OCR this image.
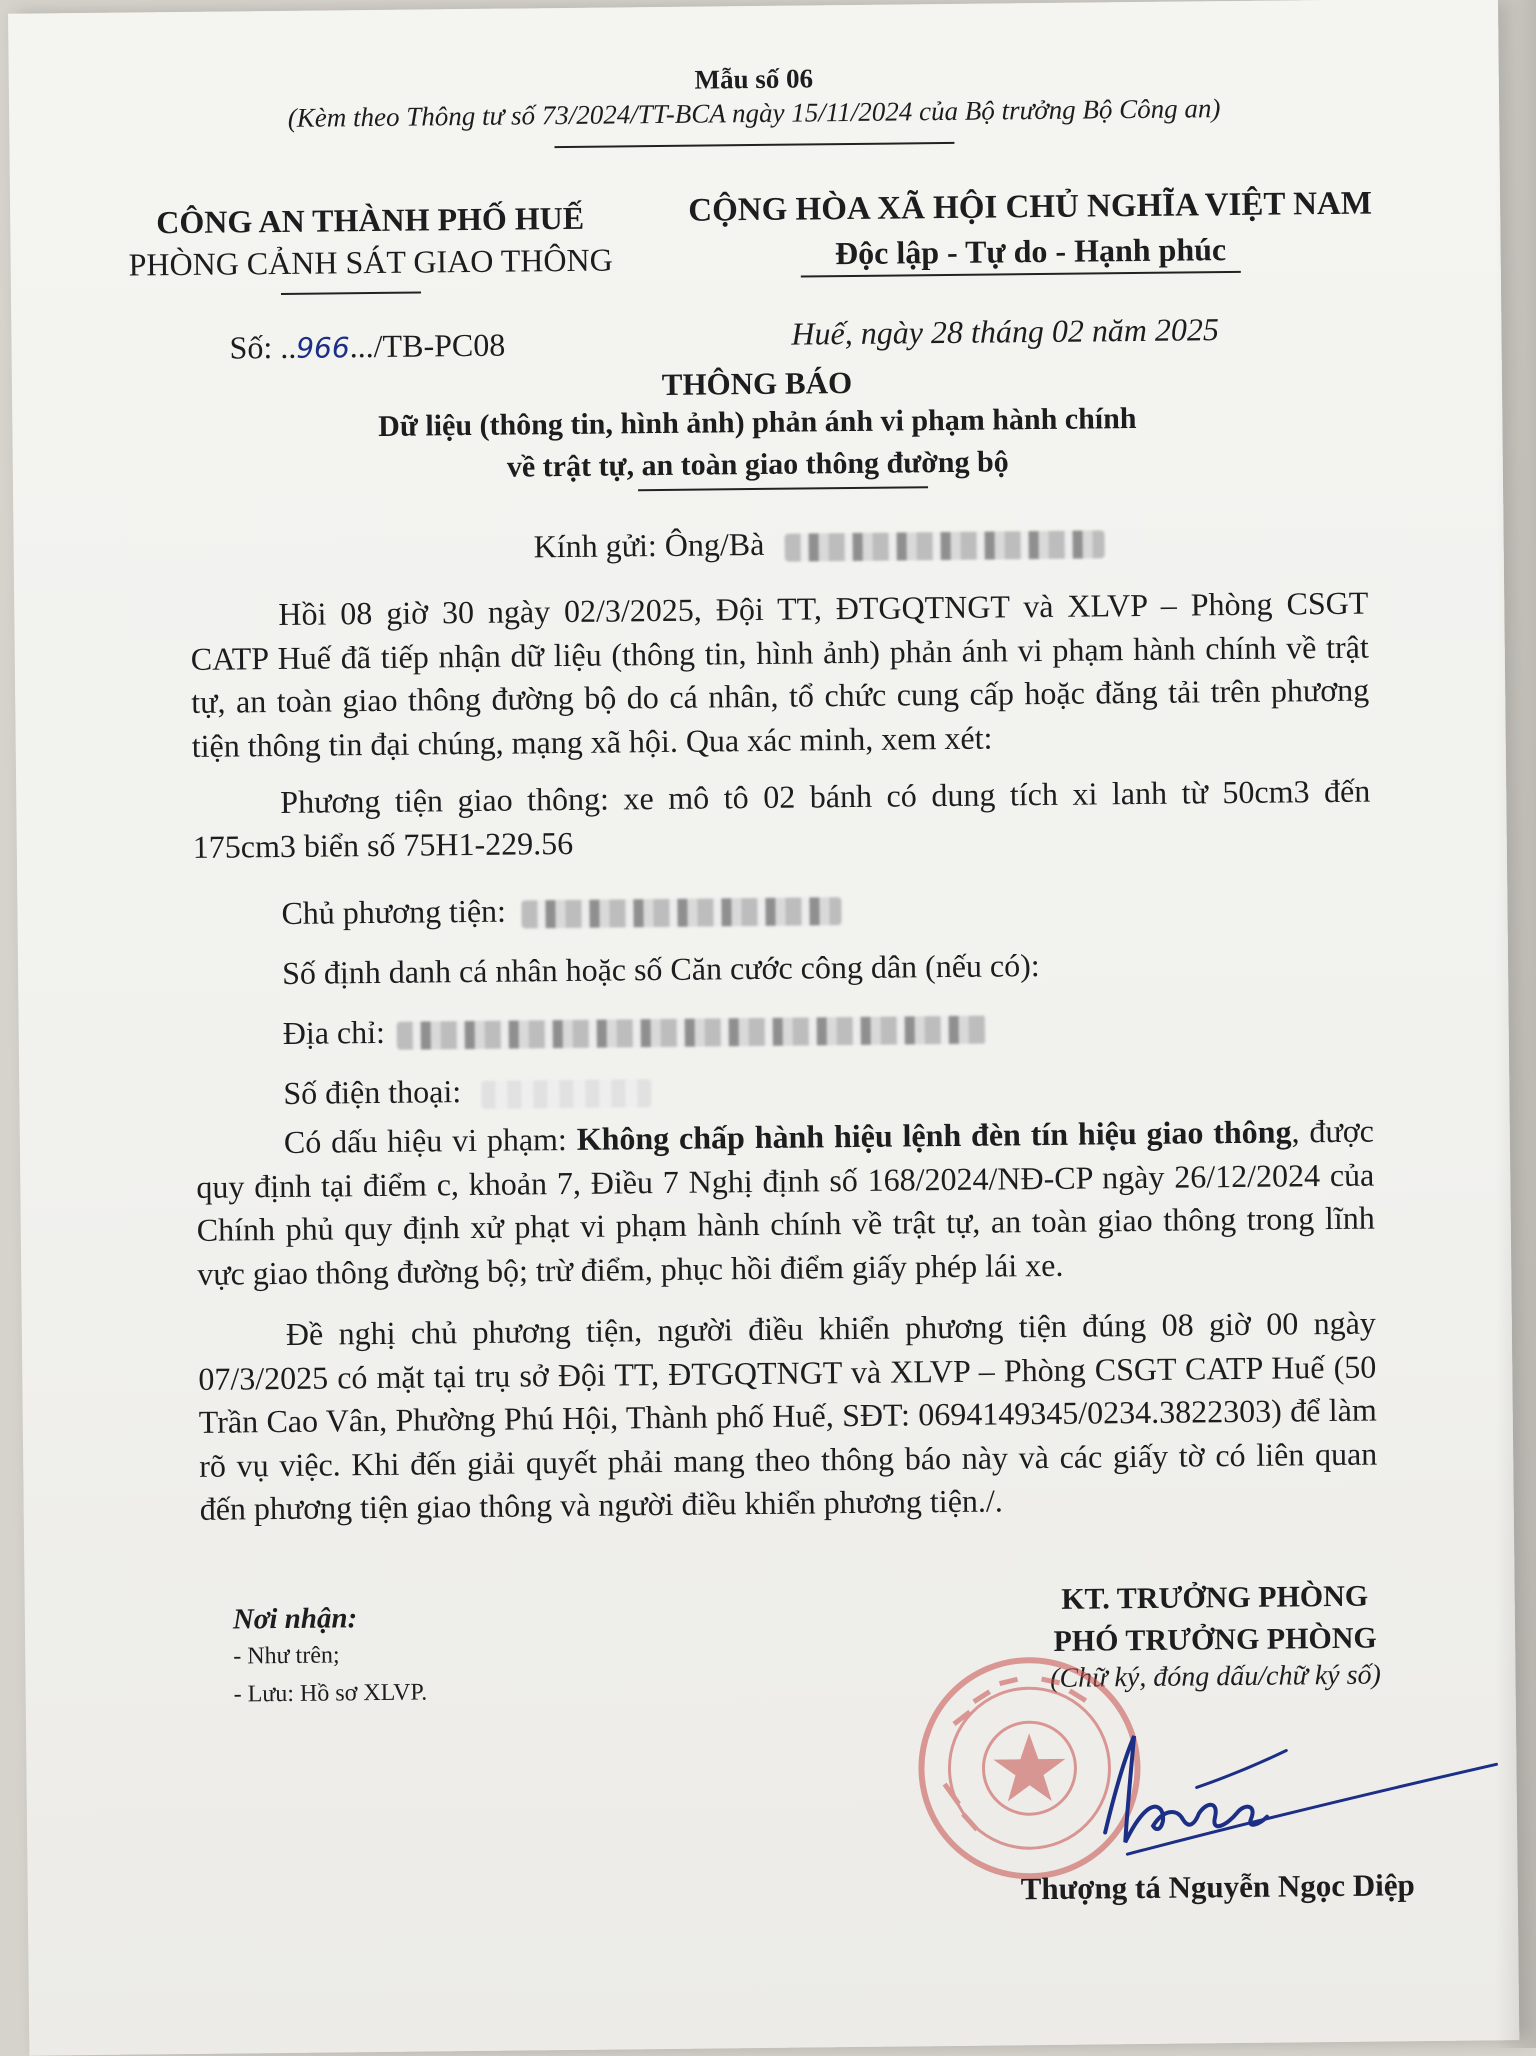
Mẫu số 06
(Kèm theo Thông tư số 73/2024/TT-BCA ngày 15/11/2024 của Bộ trưởng Bộ Công an)
CÔNG AN THÀNH PHỐ HUẾ
PHÒNG CẢNH SÁT GIAO THÔNG
CỘNG HÒA XÃ HỘI CHỦ NGHĨA VIỆT NAM
Độc lập - Tự do - Hạnh phúc
Số: ..966.../TB-PC08	Huế, ngày 28 tháng 02 năm 2025
THÔNG BÁO
Dữ liệu (thông tin, hình ảnh) phản ánh vi phạm hành chính
về trật tự, an toàn giao thông đường bộ
Kính gửi: Ông/Bà
Hồi 08 giờ 30 ngày 02/3/2025, Đội TT, ĐTGQTNGT và XLVP – Phòng CSGT CATP Huế đã tiếp nhận dữ liệu (thông tin, hình ảnh) phản ánh vi phạm hành chính về trật tự, an toàn giao thông đường bộ do cá nhân, tổ chức cung cấp hoặc đăng tải trên phương tiện thông tin đại chúng, mạng xã hội. Qua xác minh, xem xét:
Phương tiện giao thông: xe mô tô 02 bánh có dung tích xi lanh từ 50cm3 đến 175cm3 biển số 75H1-229.56
Chủ phương tiện:
Số định danh cá nhân hoặc số Căn cước công dân (nếu có):
Địa chỉ:
Số điện thoại:
Có dấu hiệu vi phạm: Không chấp hành hiệu lệnh đèn tín hiệu giao thông, được quy định tại điểm c, khoản 7, Điều 7 Nghị định số 168/2024/NĐ-CP ngày 26/12/2024 của Chính phủ quy định xử phạt vi phạm hành chính về trật tự, an toàn giao thông trong lĩnh vực giao thông đường bộ; trừ điểm, phục hồi điểm giấy phép lái xe.
Đề nghị chủ phương tiện, người điều khiển phương tiện đúng 08 giờ 00 ngày 07/3/2025 có mặt tại trụ sở Đội TT, ĐTGQTNGT và XLVP – Phòng CSGT CATP Huế (50 Trần Cao Vân, Phường Phú Hội, Thành phố Huế, SĐT: 0694149345/0234.3822303) để làm rõ vụ việc. Khi đến giải quyết phải mang theo thông báo này và các giấy tờ có liên quan đến phương tiện giao thông và người điều khiển phương tiện./.
Nơi nhận:
- Như trên;
- Lưu: Hồ sơ XLVP.
KT. TRƯỞNG PHÒNG
PHÓ TRƯỞNG PHÒNG
(Chữ ký, đóng dấu/chữ ký số)
Thượng tá Nguyễn Ngọc Diệp
